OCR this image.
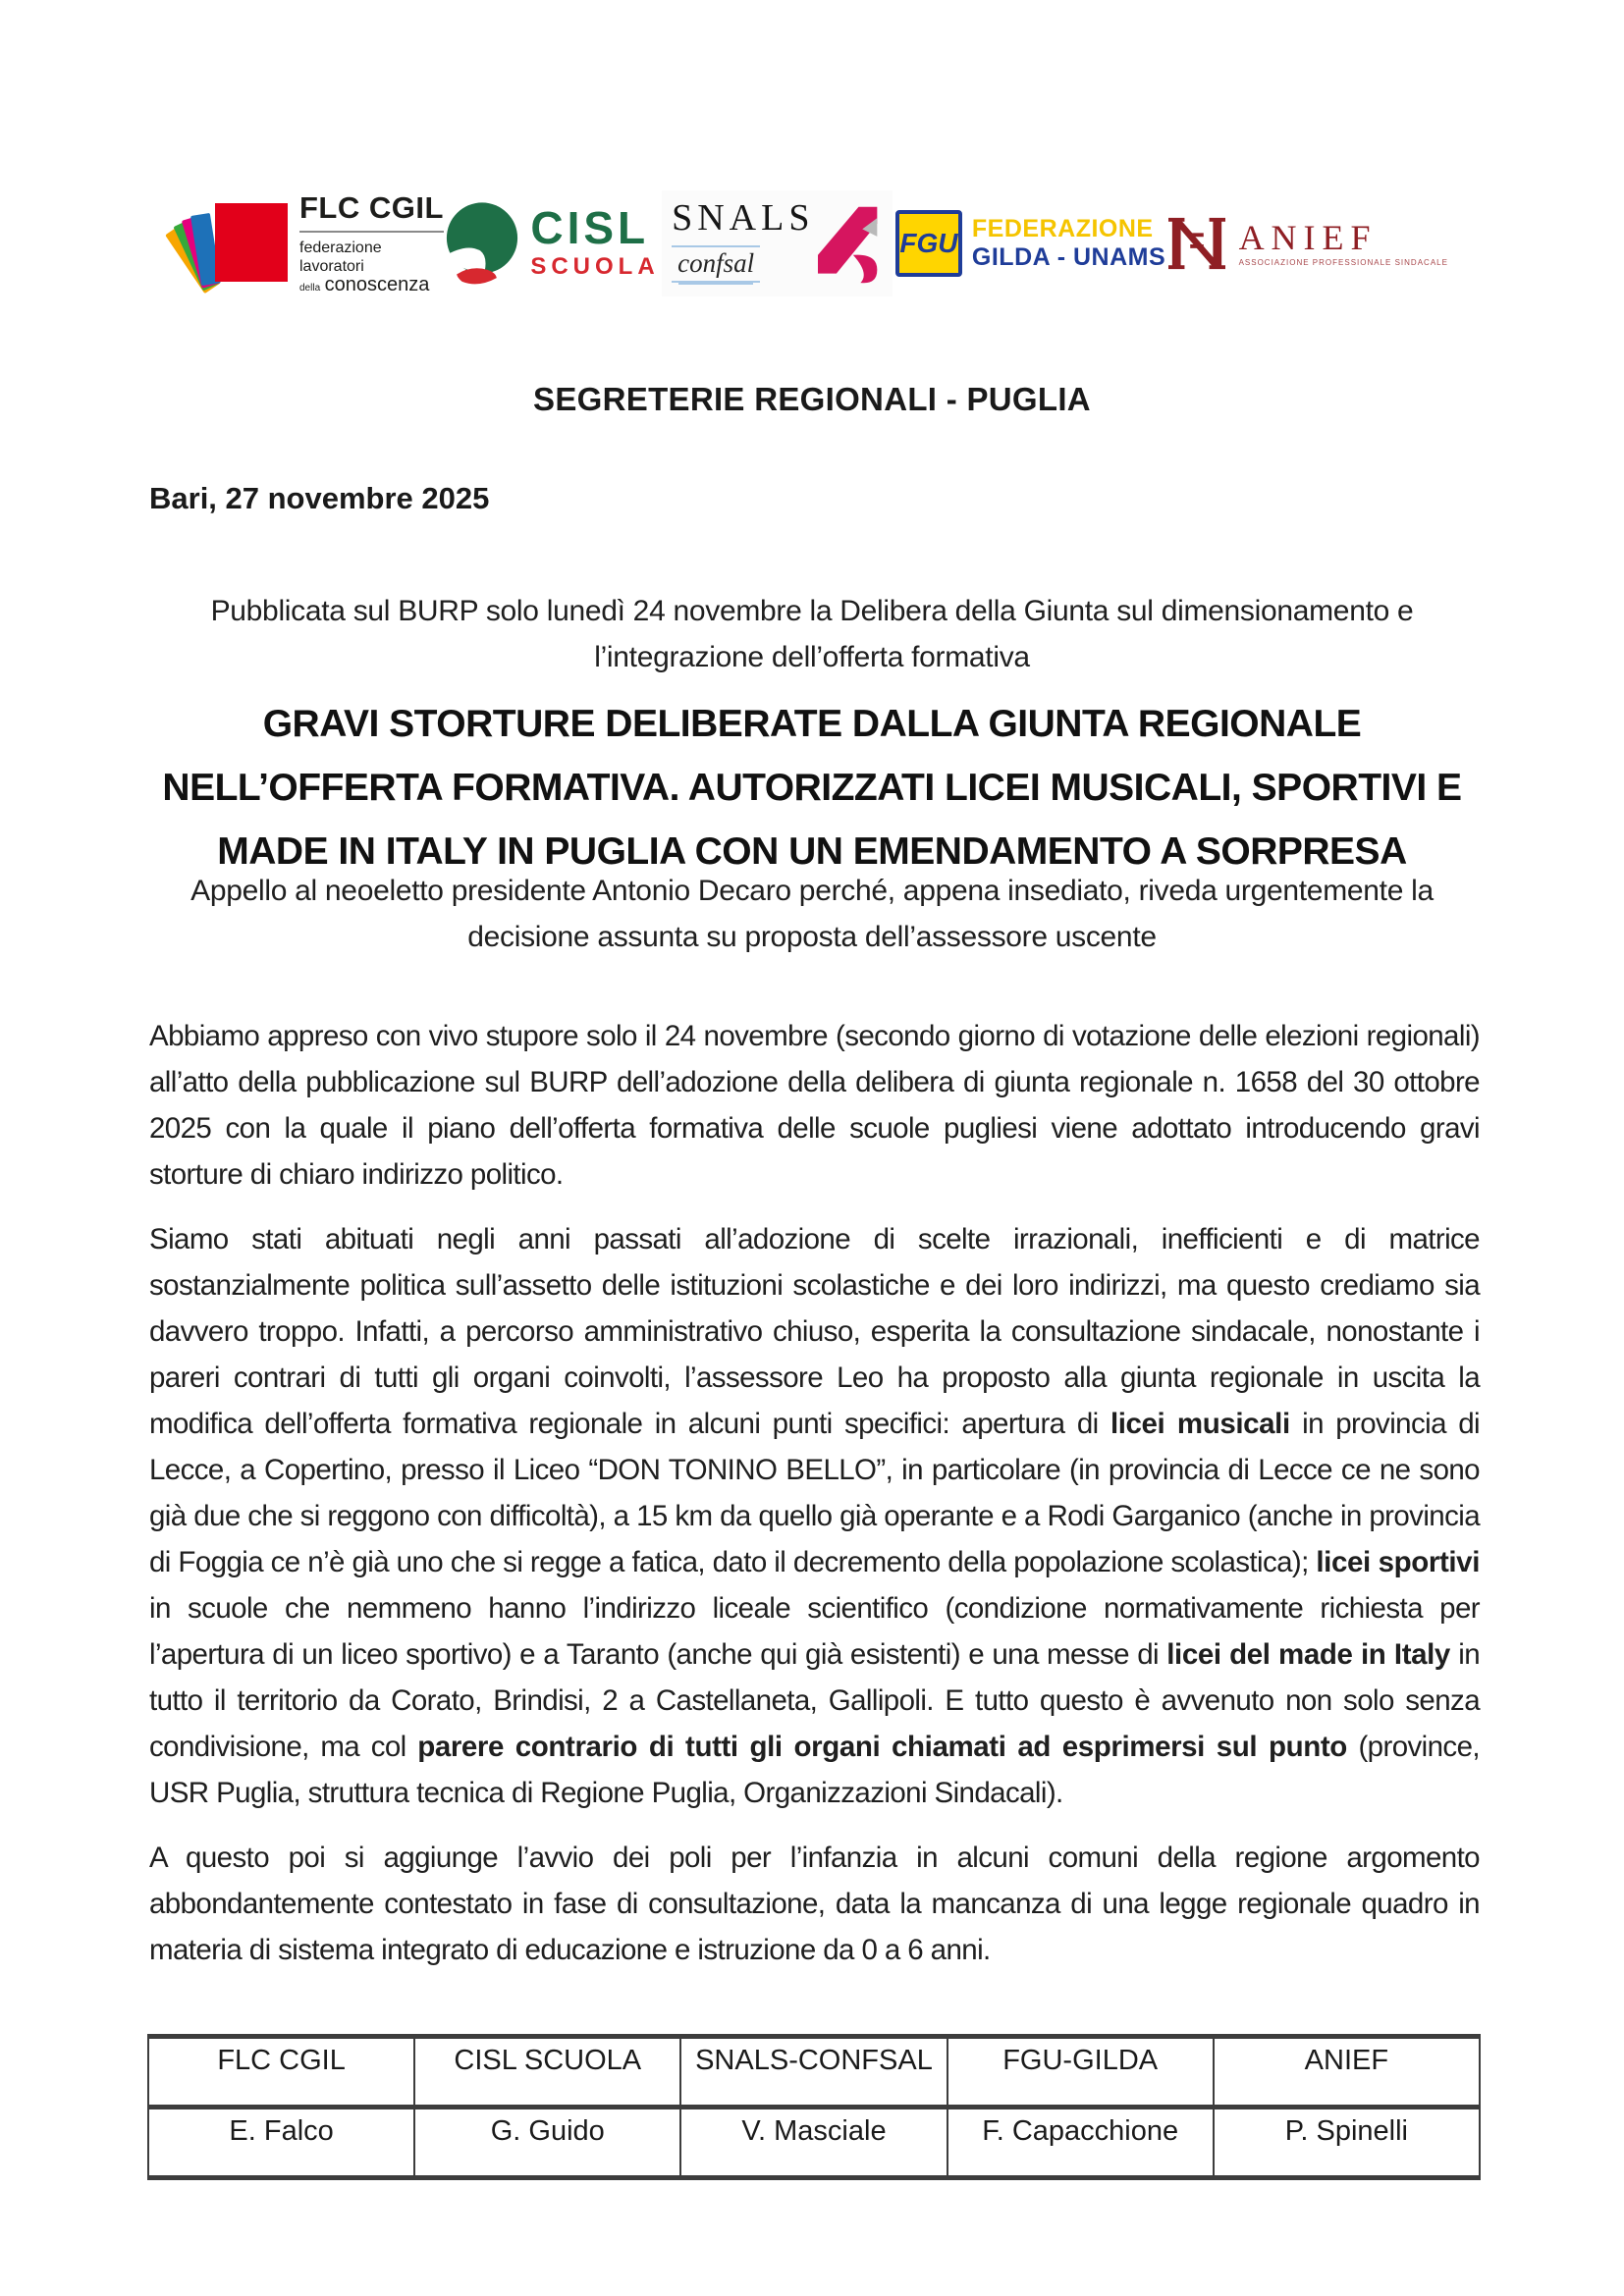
FLC CGIL
federazione
lavoratori
della conoscenza
CISL
SCUOLA
SNALS
confsal
FGU FEDERAZIONE
GILDA - UNAMS ANIEF
ASSOCIAZIONE PROFESSIONALE SINDACALE
SEGRETERIE REGIONALI - PUGLIA
Bari, 27 novembre 2025
Pubblicata sul BURP solo lunedì 24 novembre la Delibera della Giunta sul dimensionamento e
l’integrazione dell’offerta formativa
GRAVI STORTURE DELIBERATE DALLA GIUNTA REGIONALE
NELL’OFFERTA FORMATIVA. AUTORIZZATI LICEI MUSICALI, SPORTIVI E
MADE IN ITALY IN PUGLIA CON UN EMENDAMENTO A SORPRESA
Appello al neoeletto presidente Antonio Decaro perché, appena insediato, riveda urgentemente la
decisione assunta su proposta dell’assessore uscente

Abbiamo appreso con vivo stupore solo il 24 novembre (secondo giorno di votazione delle elezioni regionali) all’atto della pubblicazione sul BURP dell’adozione della delibera di giunta regionale n. 1658 del 30 ottobre 2025 con la quale il piano dell’offerta formativa delle scuole pugliesi viene adottato introducendo gravi storture di chiaro indirizzo politico.

Siamo stati abituati negli anni passati all’adozione di scelte irrazionali, inefficienti e di matrice sostanzialmente politica sull’assetto delle istituzioni scolastiche e dei loro indirizzi, ma questo crediamo sia davvero troppo. Infatti, a percorso amministrativo chiuso, esperita la consultazione sindacale, nonostante i pareri contrari di tutti gli organi coinvolti, l’assessore Leo ha proposto alla giunta regionale in uscita la modifica dell’offerta formativa regionale in alcuni punti specifici: apertura di licei musicali in provincia di Lecce, a Copertino, presso il Liceo “DON TONINO BELLO”, in particolare (in provincia di Lecce ce ne sono già due che si reggono con difficoltà), a 15 km da quello già operante e a Rodi Garganico (anche in provincia di Foggia ce n’è già uno che si regge a fatica, dato il decremento della popolazione scolastica); licei sportivi in scuole che nemmeno hanno l’indirizzo liceale scientifico (condizione normativamente richiesta per l’apertura di un liceo sportivo) e a Taranto (anche qui già esistenti) e una messe di licei del made in Italy in tutto il territorio da Corato, Brindisi, 2 a Castellaneta, Gallipoli. E tutto questo è avvenuto non solo senza condivisione, ma col parere contrario di tutti gli organi chiamati ad esprimersi sul punto (province, USR Puglia, struttura tecnica di Regione Puglia, Organizzazioni Sindacali).

A questo poi si aggiunge l’avvio dei poli per l’infanzia in alcuni comuni della regione argomento abbondantemente contestato in fase di consultazione, data la mancanza di una legge regionale quadro in materia di sistema integrato di educazione e istruzione da 0 a 6 anni.

FLC CGIL	CISL SCUOLA	SNALS-CONFSAL	FGU-GILDA	ANIEF
E. Falco	G. Guido	V. Masciale	F. Capacchione	P. Spinelli
